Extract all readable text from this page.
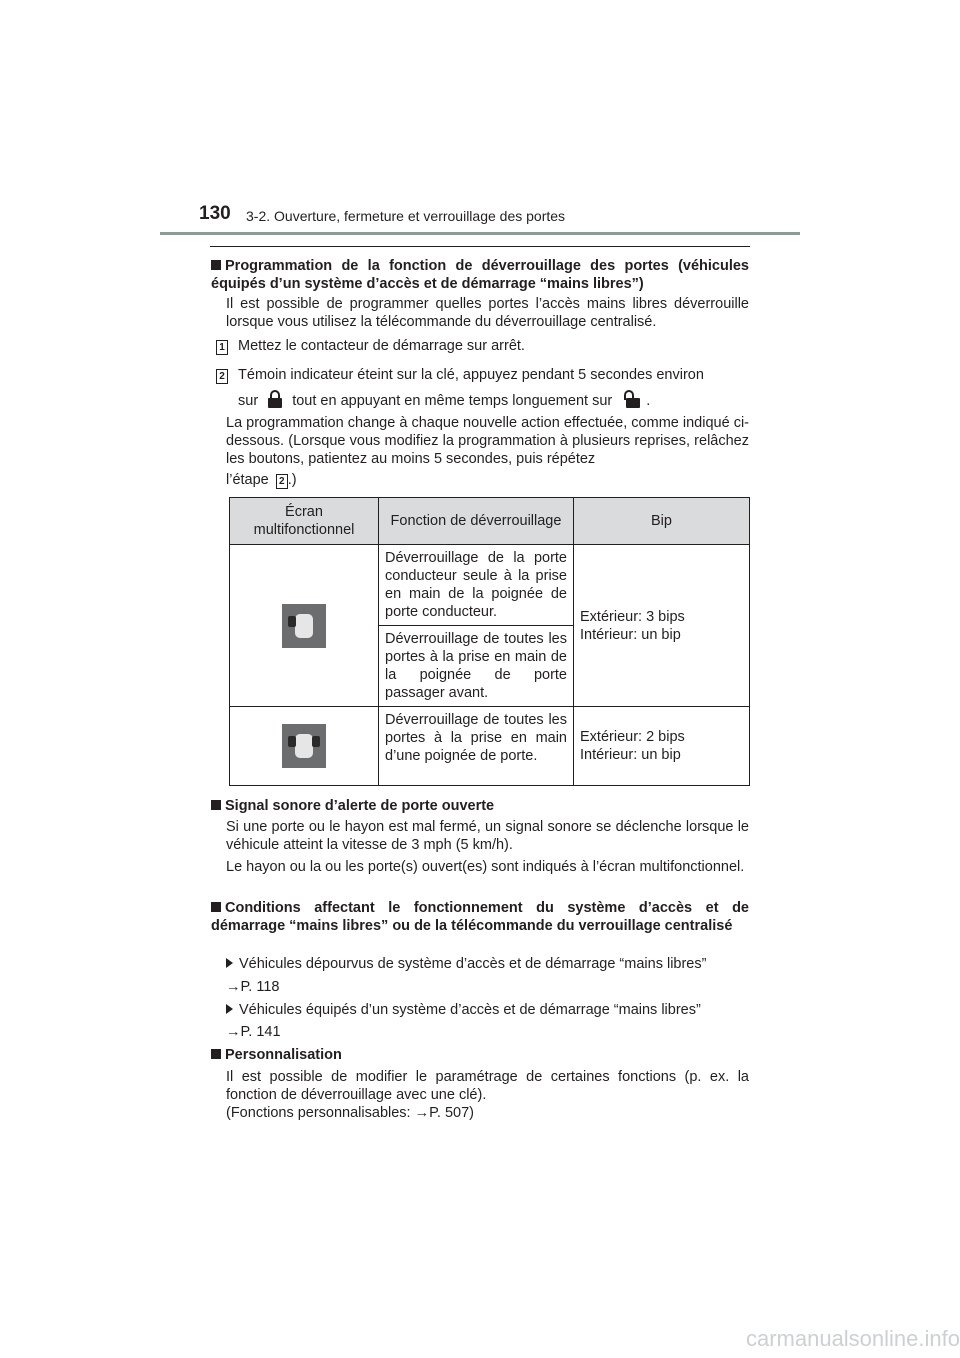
130 3-2. Ouverture, fermeture et verrouillage des portes
Programmation de la fonction de déverrouillage des portes (véhicules équipés d’un système d’accès et de démarrage “mains libres”)
Il est possible de programmer quelles portes l’accès mains libres déverrouille lorsque vous utilisez la télécommande du déverrouillage centralisé.
1 Mettez le contacteur de démarrage sur arrêt.
2 Témoin indicateur éteint sur la clé, appuyez pendant 5 secondes environ
sur tout en appuyant en même temps longuement sur .
La programmation change à chaque nouvelle action effectuée, comme indiqué ci-dessous. (Lorsque vous modifiez la programmation à plusieurs reprises, relâchez les boutons, patientez au moins 5 secondes, puis répétez
l’étape 2 .)
Écran multifonctionnel	Fonction de déverrouillage	Bip

	Déverrouillage de la porte conducteur seule à la prise en main de la poignée de porte conducteur.	Extérieur: 3 bips Intérieur: un bip
	Déverrouillage de toutes les portes à la prise en main de la poignée de porte passager avant.	

	Déverrouillage de toutes les portes à la prise en main d’une poignée de porte.	Extérieur: 2 bips Intérieur: un bip
Signal sonore d’alerte de porte ouverte
Si une porte ou le hayon est mal fermé, un signal sonore se déclenche lorsque le véhicule atteint la vitesse de 3 mph (5 km/h).
Le hayon ou la ou les porte(s) ouvert(es) sont indiqués à l’écran multifonctionnel.
Conditions affectant le fonctionnement du système d’accès et de démarrage “mains libres” ou de la télécommande du verrouillage centralisé
Véhicules dépourvus de système d’accès et de démarrage “mains libres”
→P. 118
Véhicules équipés d’un système d’accès et de démarrage “mains libres”
→P. 141
Personnalisation
Il est possible de modifier le paramétrage de certaines fonctions (p. ex. la fonction de déverrouillage avec une clé).
(Fonctions personnalisables: →P. 507)
carmanualsonline.info
